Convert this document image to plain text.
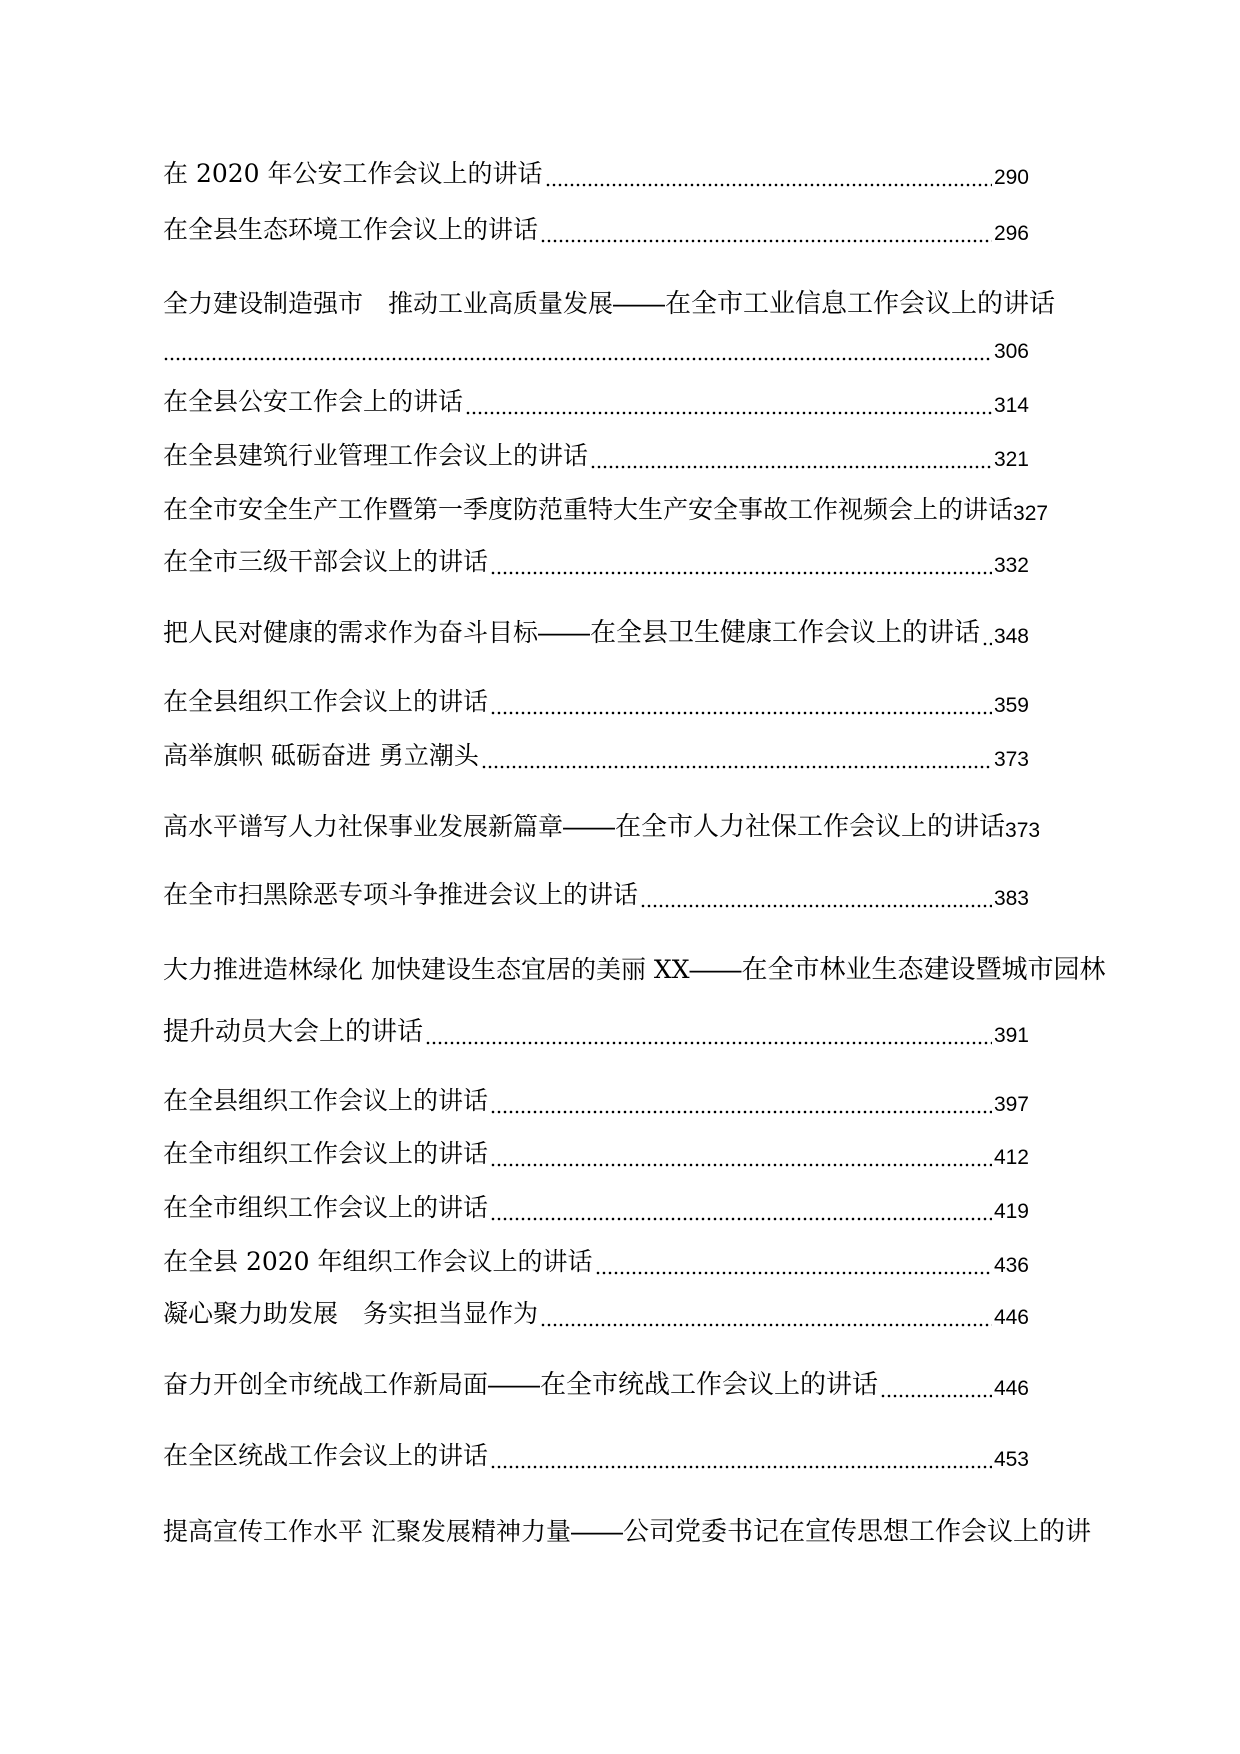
在 2020 年公安工作会议上的讲话	290
在全县生态环境工作会议上的讲话	296
全力建设制造强市　推动工业高质量发展——在全市工业信息工作会议上的讲话
306
在全县公安工作会上的讲话	314
在全县建筑行业管理工作会议上的讲话	321
在全市安全生产工作暨第一季度防范重特大生产安全事故工作视频会上的讲话 327
在全市三级干部会议上的讲话	332
把人民对健康的需求作为奋斗目标——在全县卫生健康工作会议上的讲话 348
在全县组织工作会议上的讲话	359
高举旗帜 砥砺奋进 勇立潮头	373
高水平谱写人力社保事业发展新篇章——在全市人力社保工作会议上的讲话 373
在全市扫黑除恶专项斗争推进会议上的讲话	383
大力推进造林绿化 加快建设生态宜居的美丽 XX——在全市林业生态建设暨城市园林
提升动员大会上的讲话	391
在全县组织工作会议上的讲话	397
在全市组织工作会议上的讲话	412
在全市组织工作会议上的讲话	419
在全县 2020 年组织工作会议上的讲话	436
凝心聚力助发展　务实担当显作为	446
奋力开创全市统战工作新局面——在全市统战工作会议上的讲话	446
在全区统战工作会议上的讲话	453
提高宣传工作水平 汇聚发展精神力量——公司党委书记在宣传思想工作会议上的讲
